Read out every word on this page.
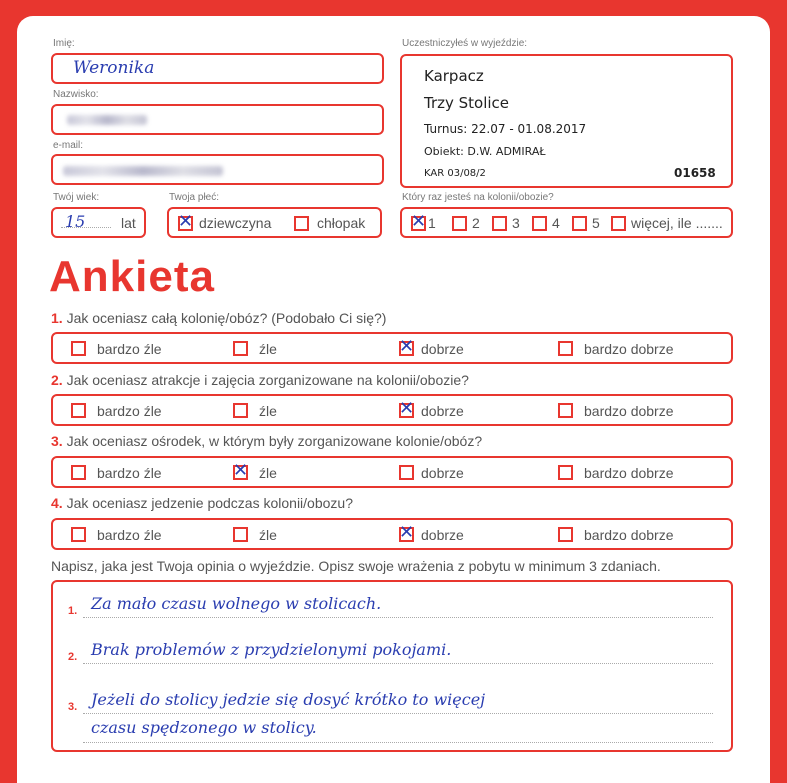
Imię:
Weronika
Nazwisko:
e-mail:
Twój wiek:
15	lat
Twoja płeć:
✕ dziewczyna	chłopak
Uczestniczyłeś w wyjeździe:
Karpacz
Trzy Stolice
Turnus: 22.07 - 01.08.2017
Obiekt: D.W. ADMIRAŁ
KAR 03/08/2	01658
Który raz jesteś na kolonii/obozie?
✕ 1	2 3 4 5 więcej, ile .......
Ankieta
1. Jak oceniasz całą kolonię/obóz? (Podobało Ci się?)
bardzo źle	źle	✕ dobrze	bardzo dobrze
2. Jak oceniasz atrakcje i zajęcia zorganizowane na kolonii/obozie?
bardzo źle	źle	✕ dobrze	bardzo dobrze
3. Jak oceniasz ośrodek, w którym były zorganizowane kolonie/obóz?
bardzo źle	✕ źle	dobrze	bardzo dobrze
4. Jak oceniasz jedzenie podczas kolonii/obozu?
bardzo źle	źle	✕ dobrze	bardzo dobrze
Napisz, jaka jest Twoja opinia o wyjeździe. Opisz swoje wrażenia z pobytu w minimum 3 zdaniach.
1. Za mało czasu wolnego w stolicach.
2. Brak problemów z przydzielonymi pokojami.
3. Jeżeli do stolicy jedzie się dosyć krótko to więcej
czasu spędzonego w stolicy.
